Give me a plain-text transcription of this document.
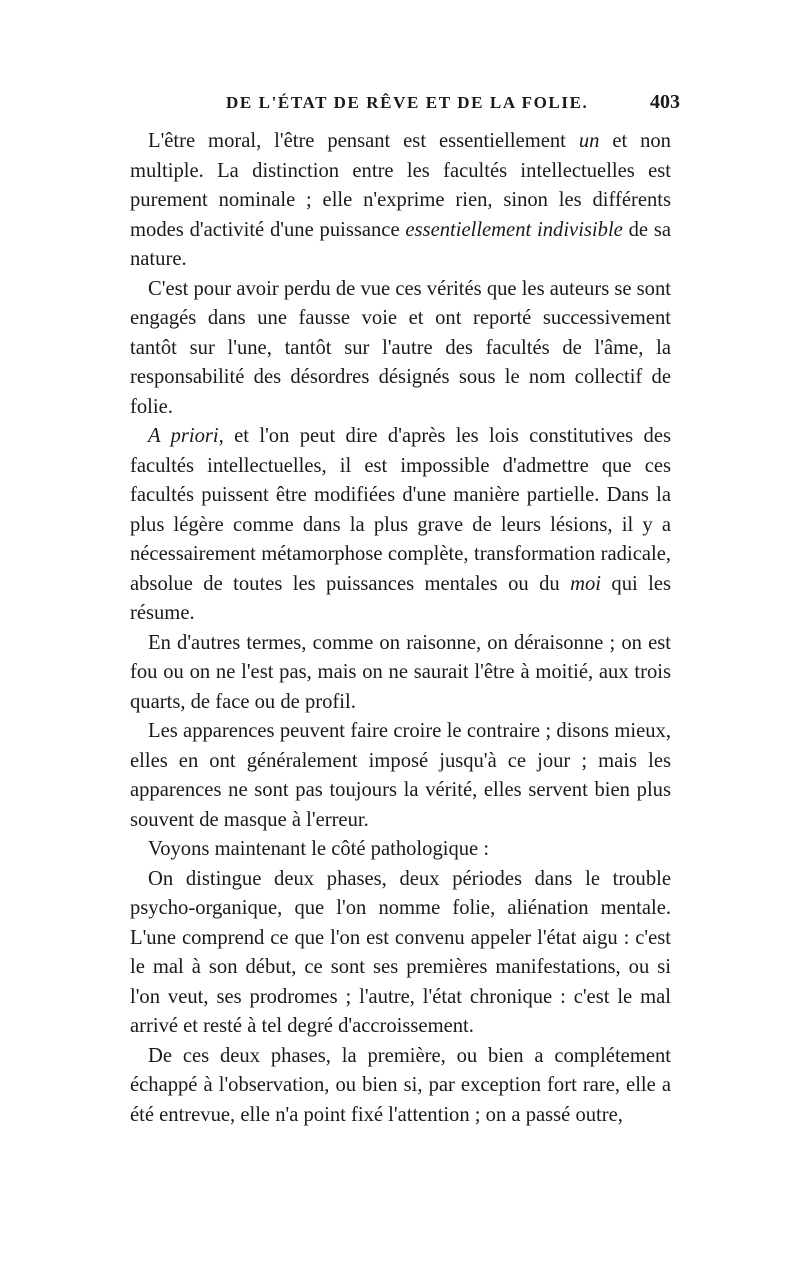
DE L'ÉTAT DE RÊVE ET DE LA FOLIE.	403

L'être moral, l'être pensant est essentiellement un et non multiple. La distinction entre les facultés intellectuelles est purement nominale ; elle n'exprime rien, sinon les différents modes d'activité d'une puissance essentiellement indivisible de sa nature.

C'est pour avoir perdu de vue ces vérités que les auteurs se sont engagés dans une fausse voie et ont reporté successivement tantôt sur l'une, tantôt sur l'autre des facultés de l'âme, la responsabilité des désordres désignés sous le nom collectif de folie.

A priori, et l'on peut dire d'après les lois constitutives des facultés intellectuelles, il est impossible d'admettre que ces facultés puissent être modifiées d'une manière partielle. Dans la plus légère comme dans la plus grave de leurs lésions, il y a nécessairement métamorphose complète, transformation radicale, absolue de toutes les puissances mentales ou du moi qui les résume.

En d'autres termes, comme on raisonne, on déraisonne ; on est fou ou on ne l'est pas, mais on ne saurait l'être à moitié, aux trois quarts, de face ou de profil.

Les apparences peuvent faire croire le contraire ; disons mieux, elles en ont généralement imposé jusqu'à ce jour ; mais les apparences ne sont pas toujours la vérité, elles servent bien plus souvent de masque à l'erreur.

Voyons maintenant le côté pathologique :

On distingue deux phases, deux périodes dans le trouble psycho-organique, que l'on nomme folie, aliénation mentale. L'une comprend ce que l'on est convenu appeler l'état aigu : c'est le mal à son début, ce sont ses premières manifestations, ou si l'on veut, ses prodromes ; l'autre, l'état chronique : c'est le mal arrivé et resté à tel degré d'accroissement.

De ces deux phases, la première, ou bien a complétement échappé à l'observation, ou bien si, par exception fort rare, elle a été entrevue, elle n'a point fixé l'attention ; on a passé outre,
